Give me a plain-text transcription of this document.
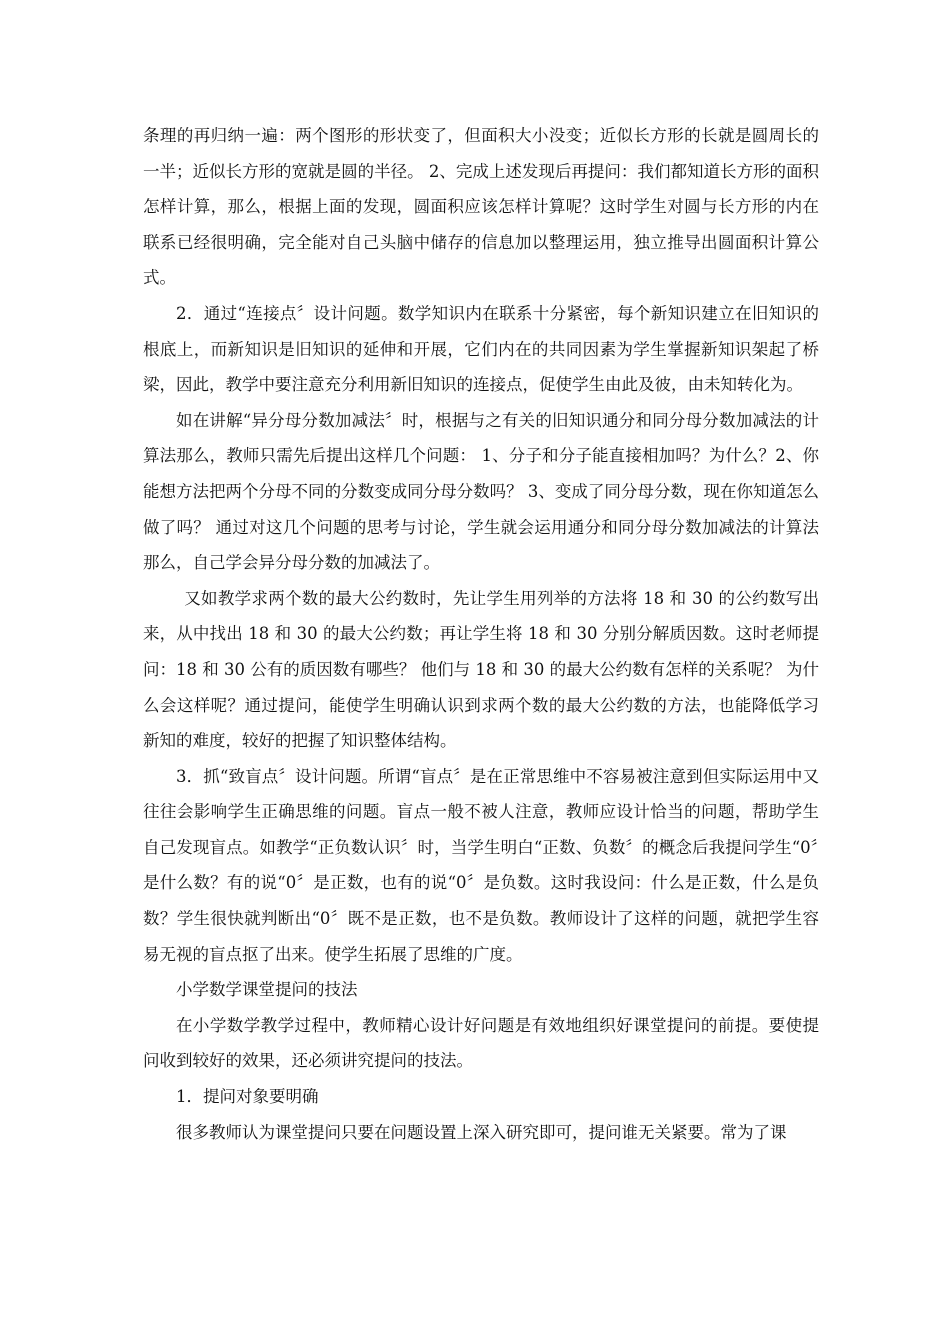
条理的再归纳一遍：两个图形的形状变了，但面积大小没变；近似长方形的长就是圆周长的一半；近似长方形的宽就是圆的半径。 2、完成上述发现后再提问：我们都知道长方形的面积怎样计算，那么，根据上面的发现，圆面积应该怎样计算呢？这时学生对圆与长方形的内在联系已经很明确，完全能对自己头脑中储存的信息加以整理运用，独立推导出圆面积计算公式。

2．通过“连接点〞设计问题。数学知识内在联系十分紧密，每个新知识建立在旧知识的根底上，而新知识是旧知识的延伸和开展，它们内在的共同因素为学生掌握新知识架起了桥梁，因此，教学中要注意充分利用新旧知识的连接点，促使学生由此及彼，由未知转化为。

如在讲解“异分母分数加减法〞时，根据与之有关的旧知识通分和同分母分数加减法的计算法那么，教师只需先后提出这样几个问题： 1、分子和分子能直接相加吗？为什么？2、你能想方法把两个分母不同的分数变成同分母分数吗？ 3、变成了同分母分数，现在你知道怎么做了吗？ 通过对这几个问题的思考与讨论，学生就会运用通分和同分母分数加减法的计算法那么，自己学会异分母分数的加减法了。

又如教学求两个数的最大公约数时，先让学生用列举的方法将 18 和 30 的公约数写出来，从中找出 18 和 30 的最大公约数；再让学生将 18 和 30 分别分解质因数。这时老师提问：18 和 30 公有的质因数有哪些？ 他们与 18 和 30 的最大公约数有怎样的关系呢？ 为什么会这样呢？通过提问，能使学生明确认识到求两个数的最大公约数的方法，也能降低学习新知的难度，较好的把握了知识整体结构。

3．抓“致盲点〞设计问题。所谓“盲点〞是在正常思维中不容易被注意到但实际运用中又往往会影响学生正确思维的问题。盲点一般不被人注意，教师应设计恰当的问题，帮助学生自己发现盲点。如教学“正负数认识〞时，当学生明白“正数、负数〞的概念后我提问学生“0〞是什么数？有的说“0〞是正数，也有的说“0〞是负数。这时我设问：什么是正数，什么是负数？学生很快就判断出“0〞既不是正数，也不是负数。教师设计了这样的问题，就把学生容易无视的盲点抠了出来。使学生拓展了思维的广度。

小学数学课堂提问的技法

在小学数学教学过程中，教师精心设计好问题是有效地组织好课堂提问的前提。要使提问收到较好的效果，还必须讲究提问的技法。

1．提问对象要明确

很多教师认为课堂提问只要在问题设置上深入研究即可，提问谁无关紧要。常为了课
